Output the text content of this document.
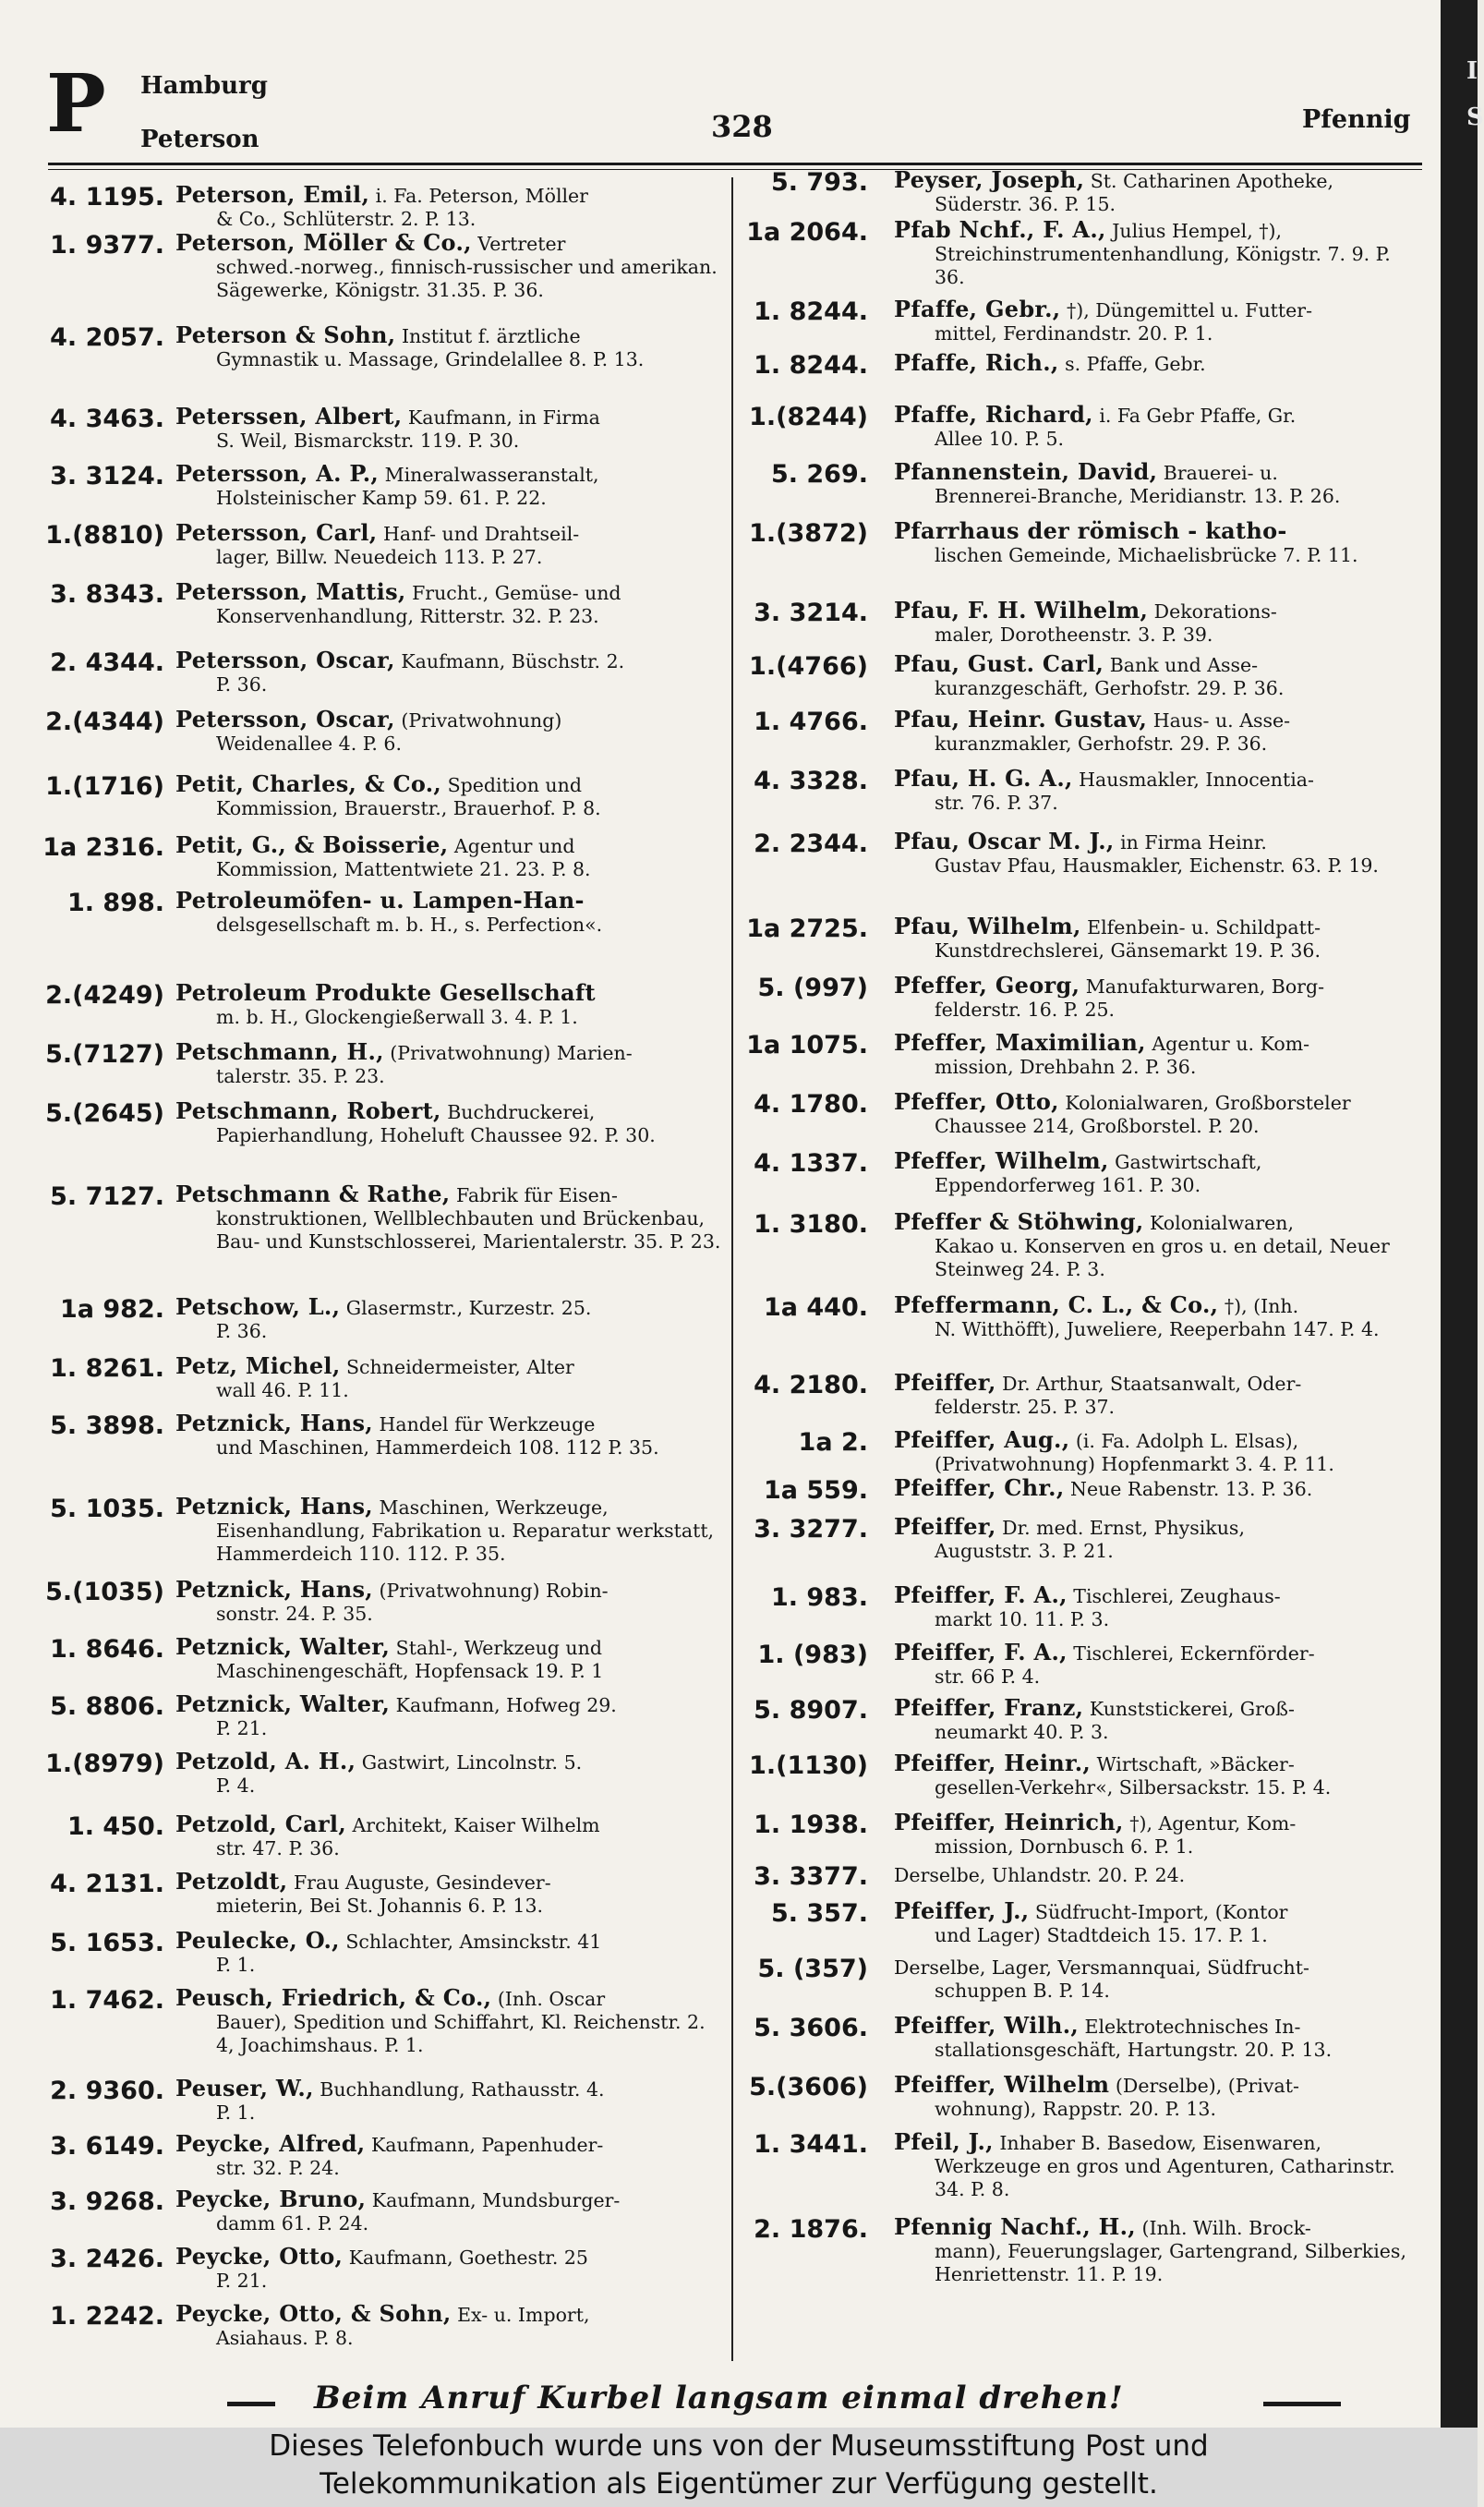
P Hamburg
Peterson	328	Pfennig
4. 1195. Peterson, Emil, i. Fa. Peterson, Möller
& Co., Schlüterstr. 2. P. 13.
1. 9377. Peterson, Möller & Co., Vertreter
schwed.-norweg., finnisch-russischer und amerikan. Sägewerke, Königstr. 31.35. P. 36.
4. 2057. Peterson & Sohn, Institut f. ärztliche
Gymnastik u. Massage, Grindelallee 8. P. 13.
4. 3463. Peterssen, Albert, Kaufmann, in Firma
S. Weil, Bismarckstr. 119. P. 30.
3. 3124. Petersson, A. P., Mineralwasseranstalt,
Holsteinischer Kamp 59. 61. P. 22.
1.(8810) Petersson, Carl, Hanf- und Drahtseil-
lager, Billw. Neuedeich 113. P. 27.
3. 8343. Petersson, Mattis, Frucht., Gemüse- und
Konservenhandlung, Ritterstr. 32. P. 23.
2. 4344. Petersson, Oscar, Kaufmann, Büschstr. 2.
P. 36.
2.(4344) Petersson, Oscar, (Privatwohnung)
Weidenallee 4. P. 6.
1.(1716) Petit, Charles, & Co., Spedition und
Kommission, Brauerstr., Brauerhof. P. 8.
1a 2316. Petit, G., & Boisserie, Agentur und
Kommission, Mattentwiete 21. 23. P. 8.
1. 898. Petroleumöfen- u. Lampen-Han-
delsgesellschaft m. b. H., s. Perfection«.
2.(4249) Petroleum Produkte Gesellschaft
m. b. H., Glockengießerwall 3. 4. P. 1.
5.(7127) Petschmann, H., (Privatwohnung) Marien-
talerstr. 35. P. 23.
5.(2645) Petschmann, Robert, Buchdruckerei,
Papierhandlung, Hoheluft Chaussee 92. P. 30.
5. 7127. Petschmann & Rathe, Fabrik für Eisen-
konstruktionen, Wellblechbauten und Brückenbau, Bau- und Kunstschlosserei, Marientalerstr. 35. P. 23.
1a 982. Petschow, L., Glasermstr., Kurzestr. 25.
P. 36.
1. 8261. Petz, Michel, Schneidermeister, Alter
wall 46. P. 11.
5. 3898. Petznick, Hans, Handel für Werkzeuge
und Maschinen, Hammerdeich 108. 112 P. 35.
5. 1035. Petznick, Hans, Maschinen, Werkzeuge,
Eisenhandlung, Fabrikation u. Reparatur werkstatt, Hammerdeich 110. 112. P. 35.
5.(1035) Petznick, Hans, (Privatwohnung) Robin-
sonstr. 24. P. 35.
1. 8646. Petznick, Walter, Stahl-, Werkzeug und
Maschinengeschäft, Hopfensack 19. P. 1
5. 8806. Petznick, Walter, Kaufmann, Hofweg 29.
P. 21.
1.(8979) Petzold, A. H., Gastwirt, Lincolnstr. 5.
P. 4.
1. 450. Petzold, Carl, Architekt, Kaiser Wilhelm
str. 47. P. 36.
4. 2131. Petzoldt, Frau Auguste, Gesindever-
mieterin, Bei St. Johannis 6. P. 13.
5. 1653. Peulecke, O., Schlachter, Amsinckstr. 41
P. 1.
1. 7462. Peusch, Friedrich, & Co., (Inh. Oscar
Bauer), Spedition und Schiffahrt, Kl. Reichenstr. 2. 4, Joachimshaus. P. 1.
2. 9360. Peuser, W., Buchhandlung, Rathausstr. 4.
P. 1.
3. 6149. Peycke, Alfred, Kaufmann, Papenhuder-
str. 32. P. 24.
3. 9268. Peycke, Bruno, Kaufmann, Mundsburger-
damm 61. P. 24.
3. 2426. Peycke, Otto, Kaufmann, Goethestr. 25
P. 21.
1. 2242. Peycke, Otto, & Sohn, Ex- u. Import,
Asiahaus. P. 8.
5. 793. Peyser, Joseph, St. Catharinen Apotheke,
Süderstr. 36. P. 15.
1a 2064. Pfab Nchf., F. A., Julius Hempel, †),
Streichinstrumentenhandlung, Königstr. 7. 9. P. 36.
1. 8244. Pfaffe, Gebr., †), Düngemittel u. Futter-
mittel, Ferdinandstr. 20. P. 1.
1. 8244. Pfaffe, Rich., s. Pfaffe, Gebr.
1.(8244) Pfaffe, Richard, i. Fa Gebr Pfaffe, Gr.
Allee 10. P. 5.
5. 269. Pfannenstein, David, Brauerei- u.
Brennerei-Branche, Meridianstr. 13. P. 26.
1.(3872) Pfarrhaus der römisch - katho-
lischen Gemeinde, Michaelisbrücke 7. P. 11.
3. 3214. Pfau, F. H. Wilhelm, Dekorations-
maler, Dorotheenstr. 3. P. 39.
1.(4766) Pfau, Gust. Carl, Bank und Asse-
kuranzgeschäft, Gerhofstr. 29. P. 36.
1. 4766. Pfau, Heinr. Gustav, Haus- u. Asse-
kuranzmakler, Gerhofstr. 29. P. 36.
4. 3328. Pfau, H. G. A., Hausmakler, Innocentia-
str. 76. P. 37.
2. 2344. Pfau, Oscar M. J., in Firma Heinr.
Gustav Pfau, Hausmakler, Eichenstr. 63. P. 19.
1a 2725. Pfau, Wilhelm, Elfenbein- u. Schildpatt-
Kunstdrechslerei, Gänsemarkt 19. P. 36.
5. (997) Pfeffer, Georg, Manufakturwaren, Borg-
felderstr. 16. P. 25.
1a 1075. Pfeffer, Maximilian, Agentur u. Kom-
mission, Drehbahn 2. P. 36.
4. 1780. Pfeffer, Otto, Kolonialwaren, Großborsteler
Chaussee 214, Großborstel. P. 20.
4. 1337. Pfeffer, Wilhelm, Gastwirtschaft,
Eppendorferweg 161. P. 30.
1. 3180. Pfeffer & Stöhwing, Kolonialwaren,
Kakao u. Konserven en gros u. en detail, Neuer Steinweg 24. P. 3.
1a 440. Pfeffermann, C. L., & Co., †), (Inh.
N. Witthöfft), Juweliere, Reeperbahn 147. P. 4.
4. 2180. Pfeiffer, Dr. Arthur, Staatsanwalt, Oder-
felderstr. 25. P. 37.
1a 2. Pfeiffer, Aug., (i. Fa. Adolph L. Elsas),
(Privatwohnung) Hopfenmarkt 3. 4. P. 11.
1a 559. Pfeiffer, Chr., Neue Rabenstr. 13. P. 36.
3. 3277. Pfeiffer, Dr. med. Ernst, Physikus,
Auguststr. 3. P. 21.
1. 983. Pfeiffer, F. A., Tischlerei, Zeughaus-
markt 10. 11. P. 3.
1. (983) Pfeiffer, F. A., Tischlerei, Eckernförder-
str. 66 P. 4.
5. 8907. Pfeiffer, Franz, Kunststickerei, Groß-
neumarkt 40. P. 3.
1.(1130) Pfeiffer, Heinr., Wirtschaft, »Bäcker-
gesellen-Verkehr«, Silbersackstr. 15. P. 4.
1. 1938. Pfeiffer, Heinrich, †), Agentur, Kom-
mission, Dornbusch 6. P. 1.
3. 3377. Derselbe, Uhlandstr. 20. P. 24.
5. 357. Pfeiffer, J., Südfrucht-Import, (Kontor
und Lager) Stadtdeich 15. 17. P. 1.
5. (357) Derselbe, Lager, Versmannquai, Südfrucht-
schuppen B. P. 14.
5. 3606. Pfeiffer, Wilh., Elektrotechnisches In-
stallationsgeschäft, Hartungstr. 20. P. 13.
5.(3606) Pfeiffer, Wilhelm (Derselbe), (Privat-
wohnung), Rappstr. 20. P. 13.
1. 3441. Pfeil, J., Inhaber B. Basedow, Eisenwaren,
Werkzeuge en gros und Agenturen, Catharinstr. 34. P. 8.
2. 1876. Pfennig Nachf., H., (Inh. Wilh. Brock-
mann), Feuerungslager, Gartengrand, Silberkies, Henriettenstr. 11. P. 19.
Beim Anruf Kurbel langsam einmal drehen!
I
S
Dieses Telefonbuch wurde uns von der Museumsstiftung Post und
Telekommunikation als Eigentümer zur Verfügung gestellt.
